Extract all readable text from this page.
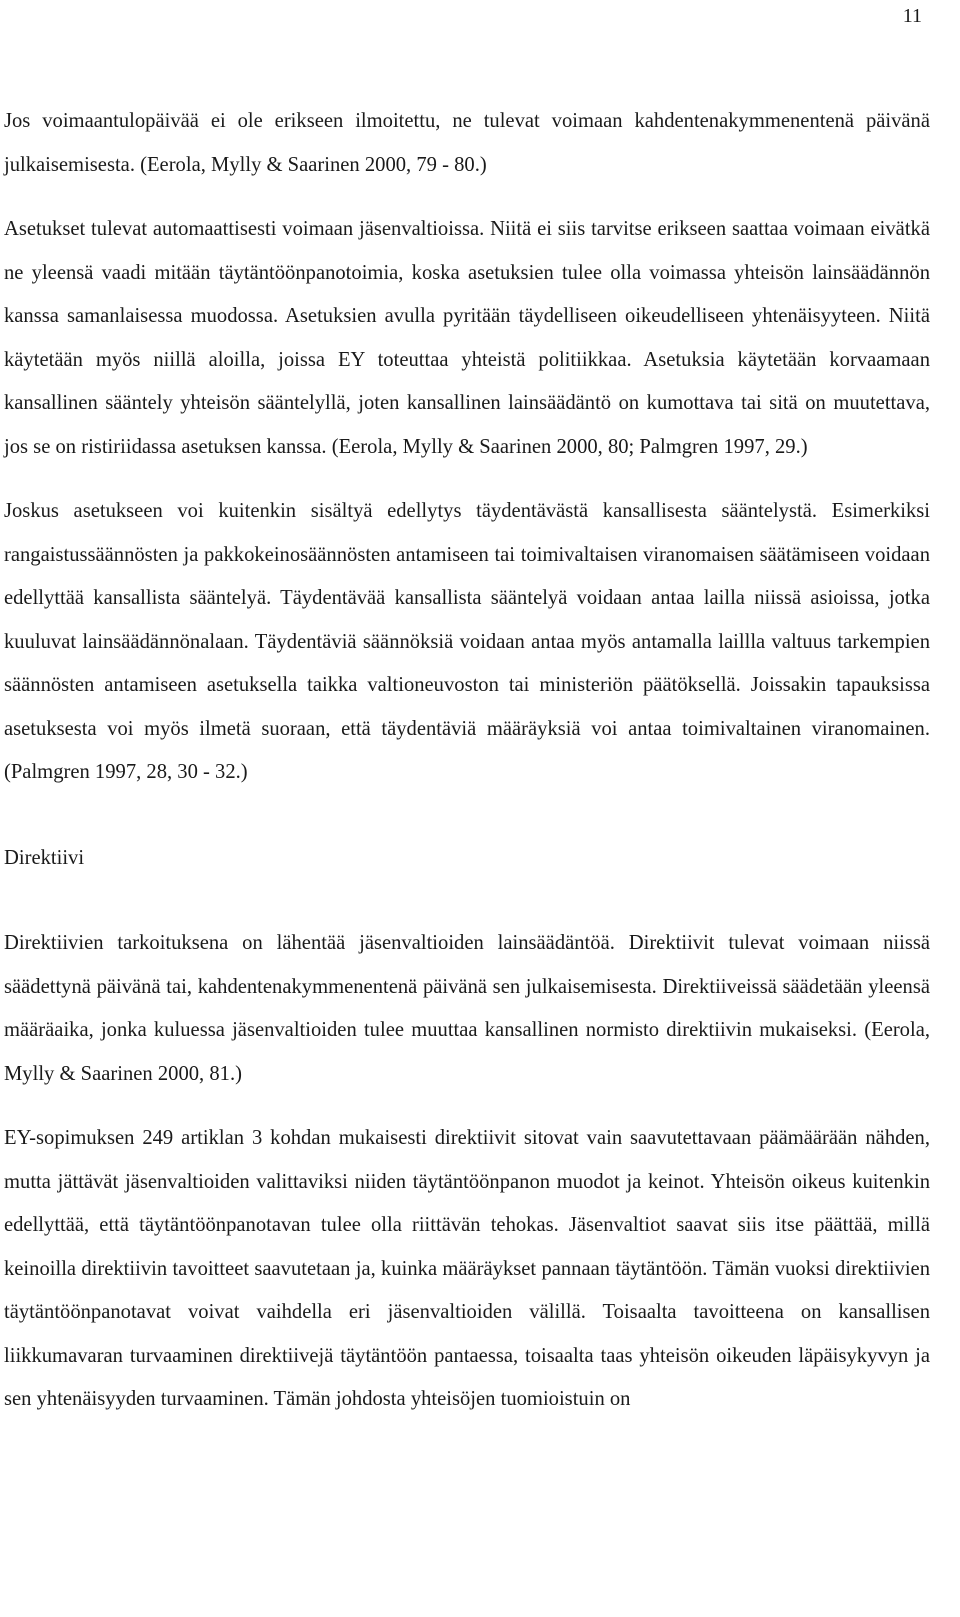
11

Jos voimaantulopäivää ei ole erikseen ilmoitettu, ne tulevat voimaan kahdentenakymmenentenä päivänä julkaisemisesta. (Eerola, Mylly & Saarinen 2000, 79 - 80.)

Asetukset tulevat automaattisesti voimaan jäsenvaltioissa. Niitä ei siis tarvitse erikseen saattaa voimaan eivätkä ne yleensä vaadi mitään täytäntöönpanotoimia, koska asetuksien tulee olla voimassa yhteisön lainsäädännön kanssa samanlaisessa muodossa. Asetuksien avulla pyritään täydelliseen oikeudelliseen yhtenäisyyteen. Niitä käytetään myös niillä aloilla, joissa EY toteuttaa yhteistä politiikkaa. Asetuksia käytetään korvaamaan kansallinen sääntely yhteisön sääntelyllä, joten kansallinen lainsäädäntö on kumottava tai sitä on muutettava, jos se on ristiriidassa asetuksen kanssa. (Eerola, Mylly & Saarinen 2000, 80; Palmgren 1997, 29.)

Joskus asetukseen voi kuitenkin sisältyä edellytys täydentävästä kansallisesta sääntelystä. Esimerkiksi rangaistussäännösten ja pakkokeinosäännösten antamiseen tai toimivaltaisen viranomaisen säätämiseen voidaan edellyttää kansallista sääntelyä. Täydentävää kansallista sääntelyä voidaan antaa lailla niissä asioissa, jotka kuuluvat lainsäädännönalaan. Täydentäviä säännöksiä voidaan antaa myös antamalla laillla valtuus tarkempien säännösten antamiseen asetuksella taikka valtioneuvoston tai ministeriön päätöksellä. Joissakin tapauksissa asetuksesta voi myös ilmetä suoraan, että täydentäviä määräyksiä voi antaa toimivaltainen viranomainen. (Palmgren 1997, 28, 30 - 32.)

Direktiivi

Direktiivien tarkoituksena on lähentää jäsenvaltioiden lainsäädäntöä. Direktiivit tulevat voimaan niissä säädettynä päivänä tai, kahdentenakymmenentenä päivänä sen julkaisemisesta. Direktiiveissä säädetään yleensä määräaika, jonka kuluessa jäsenvaltioiden tulee muuttaa kansallinen normisto direktiivin mukaiseksi. (Eerola, Mylly & Saarinen 2000, 81.)

EY-sopimuksen 249 artiklan 3 kohdan mukaisesti direktiivit sitovat vain saavutettavaan päämäärään nähden, mutta jättävät jäsenvaltioiden valittaviksi niiden täytäntöönpanon muodot ja keinot. Yhteisön oikeus kuitenkin edellyttää, että täytäntöönpanotavan tulee olla riittävän tehokas. Jäsenvaltiot saavat siis itse päättää, millä keinoilla direktiivin tavoitteet saavutetaan ja, kuinka määräykset pannaan täytäntöön. Tämän vuoksi direktiivien täytäntöönpanotavat voivat vaihdella eri jäsenvaltioiden välillä. Toisaalta tavoitteena on kansallisen liikkumavaran turvaaminen direktiivejä täytäntöön pantaessa, toisaalta taas yhteisön oikeuden läpäisykyvyn ja sen yhtenäisyyden turvaaminen. Tämän johdosta yhteisöjen tuomioistuin on
